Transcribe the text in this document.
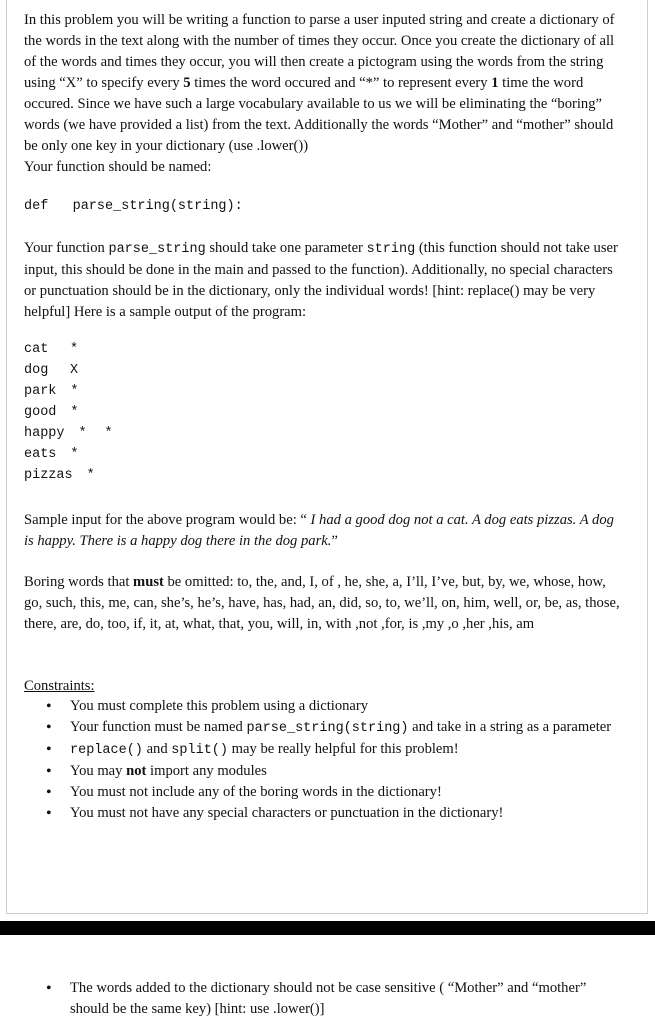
In this problem you will be writing a function to parse a user inputed string and create a dictionary of the words in the text along with the number of times they occur. Once you create the dictionary of all of the words and times they occur, you will then create a pictogram using the words from the string using “X” to specify every 5 times the word occured and “*” to represent every 1 time the word occured. Since we have such a large vocabulary available to us we will be eliminating the “boring” words (we have provided a list) from the text. Additionally the words “Mother” and “mother” should be only one key in your dictionary (use .lower())
Your function should be named:

def   parse_string(string):

Your function parse_string should take one parameter string (this function should not take user input, this should be done in the main and passed to the function). Additionally, no special characters or punctuation should be in the dictionary, only the individual words! [hint: replace() may be very helpful] Here is a sample output of the program:

cat *
dog X
park *
good *
happy * *
eats *
pizzas *

Sample input for the above program would be: “ I had a good dog not a cat. A dog eats pizzas. A dog is happy. There is a happy dog there in the dog park.”

Boring words that must be omitted: to, the, and, I, of , he, she, a, I’ll, I’ve, but, by, we, whose, how, go, such, this, me, can, she’s, he’s, have, has, had, an, did, so, to, we’ll, on, him, well, or, be, as, those, there, are, do, too, if, it, at, what, that, you, will, in, with ,not ,for, is ,my ,o ,her ,his, am

Constraints:
• You must complete this problem using a dictionary
• Your function must be named parse_string(string) and take in a string as a parameter
• replace() and split() may be really helpful for this problem!
• You may not import any modules
• You must not include any of the boring words in the dictionary!
• You must not have any special characters or punctuation in the dictionary!
• The words added to the dictionary should not be case sensitive ( “Mother” and “mother” should be the same key) [hint: use .lower()]
